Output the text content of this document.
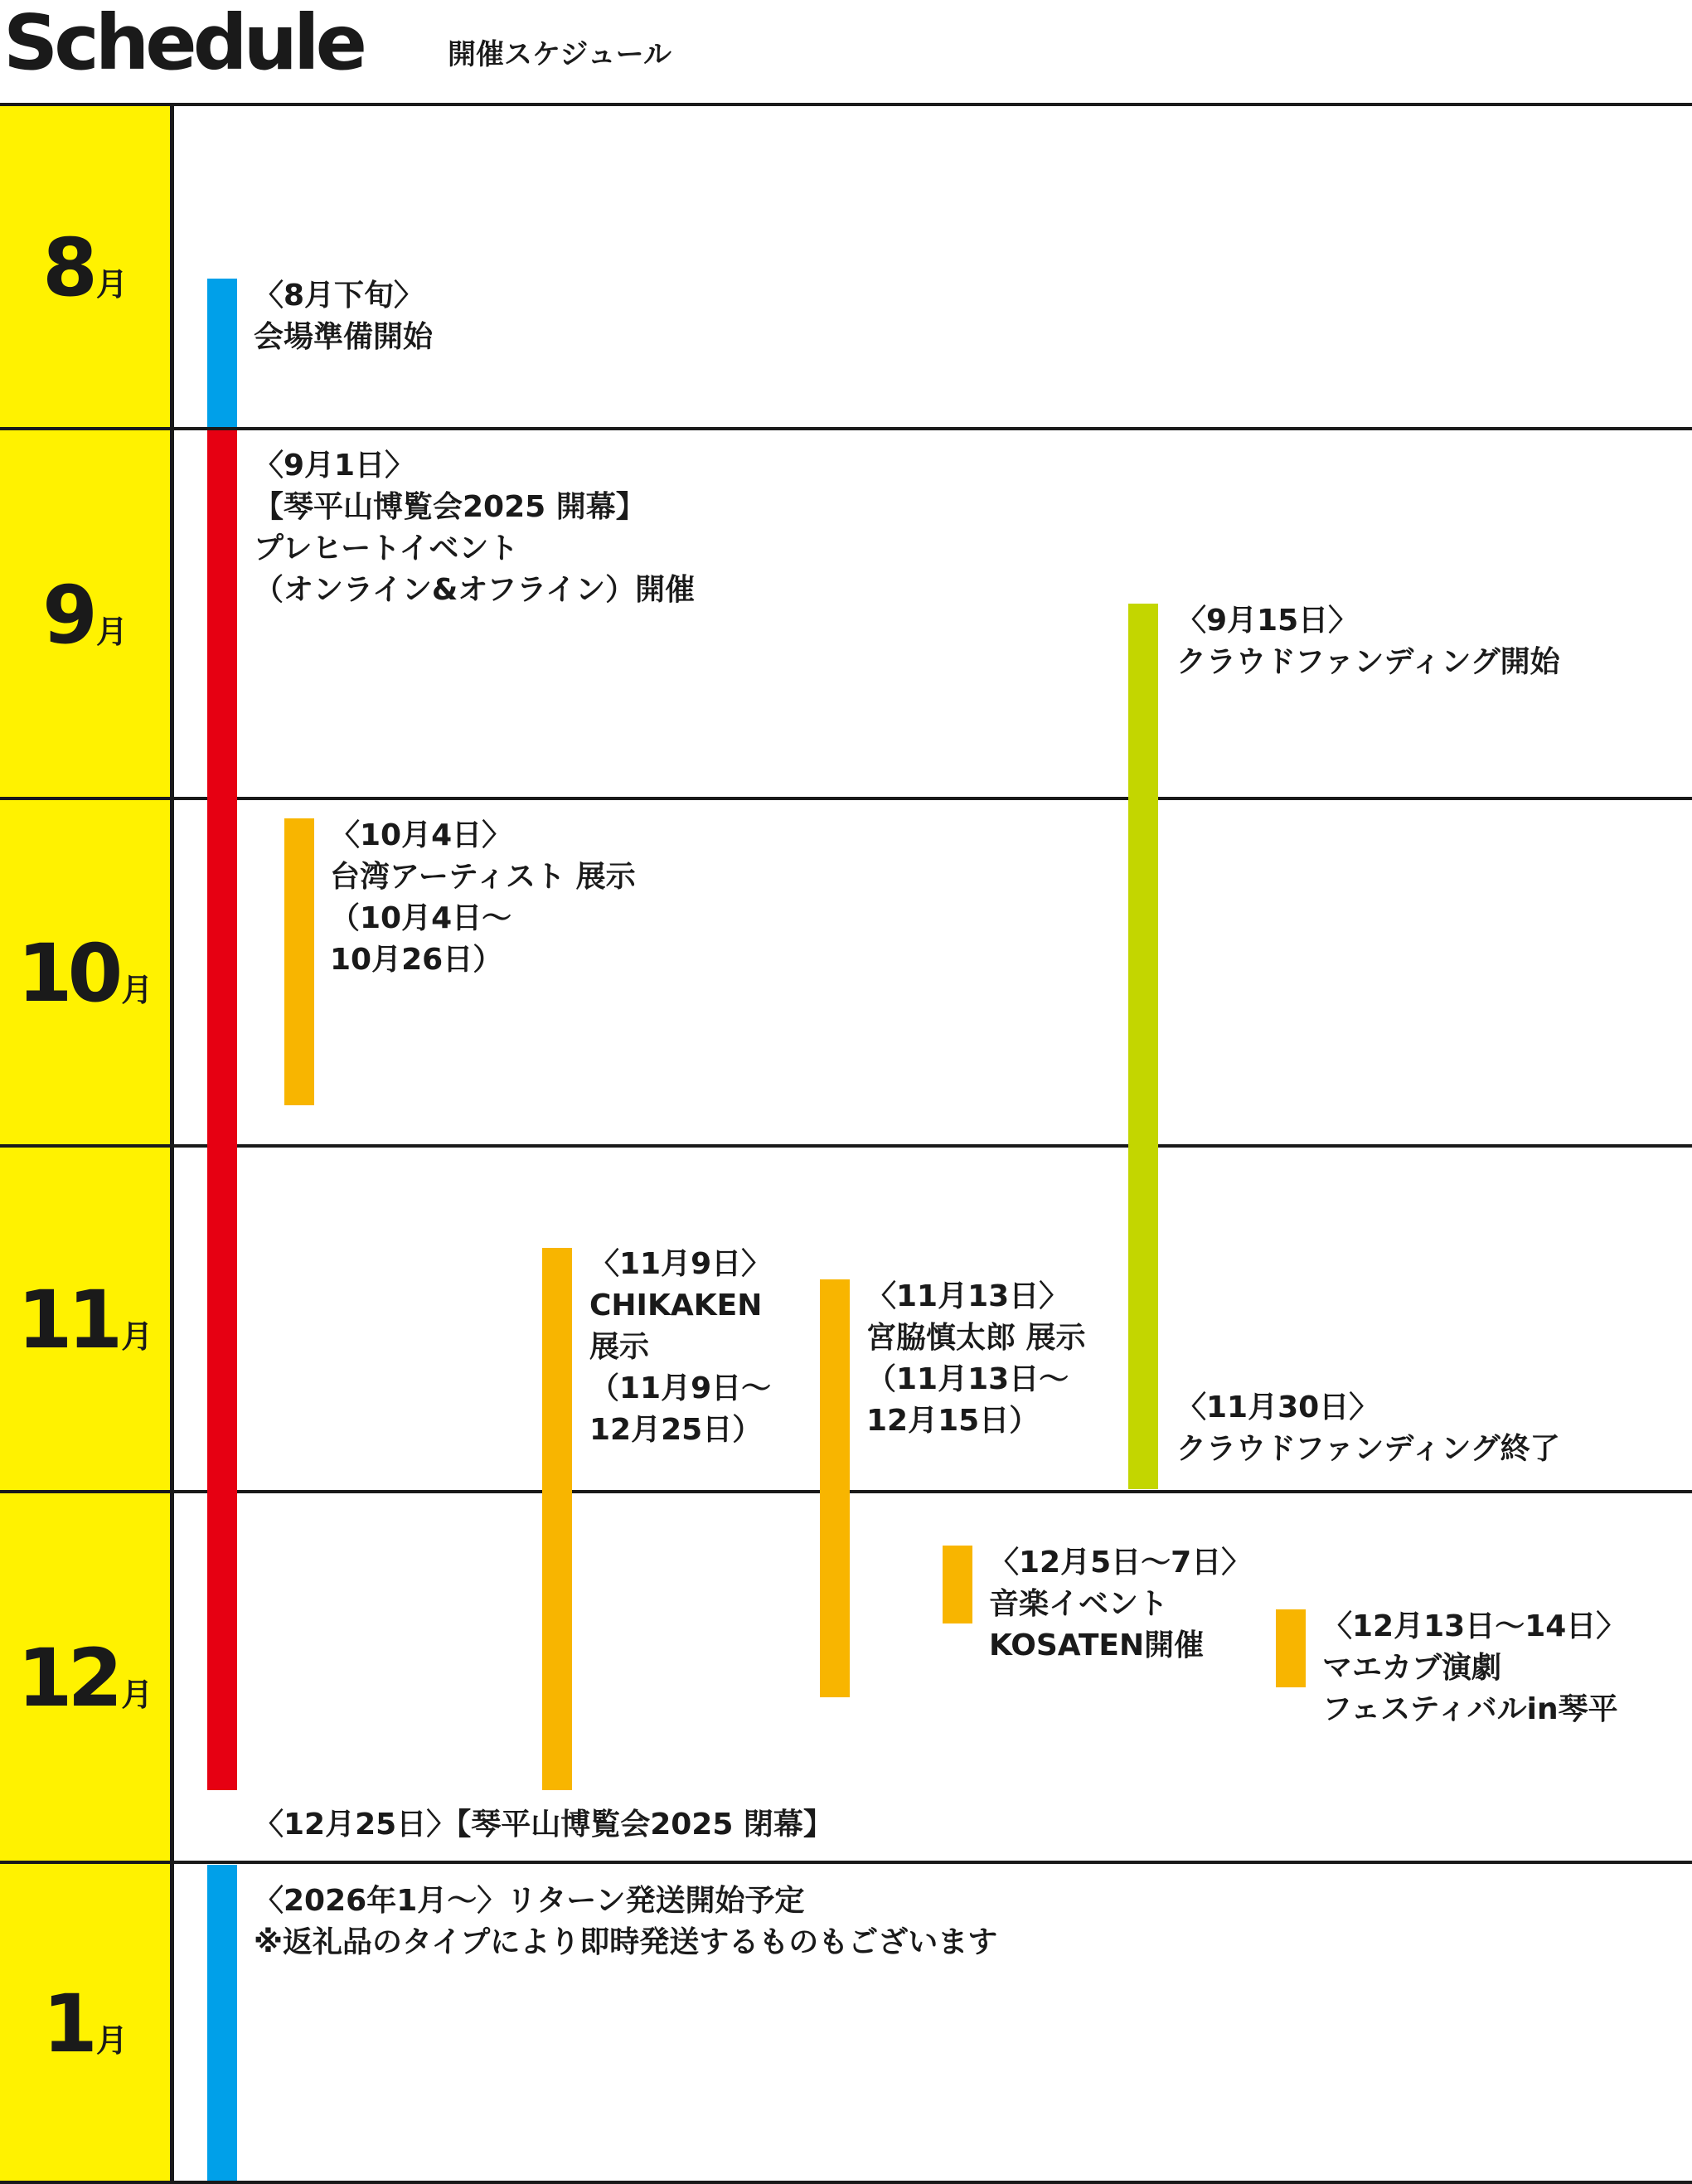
Schedule	開催スケジュール
8 月
9 月
10 月
11 月
12 月
1 月
〈8月下旬〉
会場準備開始
〈9月1日〉
【琴平山博覧会2025 開幕】
プレヒートイベント
（オンライン&オフライン）開催
〈9月15日〉
クラウドファンディング開始
〈10月4日〉
台湾アーティスト 展示
（10月4日～
10月26日）
〈11月9日〉
CHIKAKEN
展示
（11月9日～
12月25日）
〈11月13日〉
宮脇慎太郎 展示
（11月13日～
12月15日）	〈11月30日〉
クラウドファンディング終了
〈12月5日～7日〉
音楽イベント
KOSATEN開催
〈12月13日～14日〉
マエカブ演劇
フェスティバルin琴平
〈12月25日〉【琴平山博覧会2025 閉幕】
〈2026年1月～〉リターン発送開始予定
※返礼品のタイプにより即時発送するものもございます
